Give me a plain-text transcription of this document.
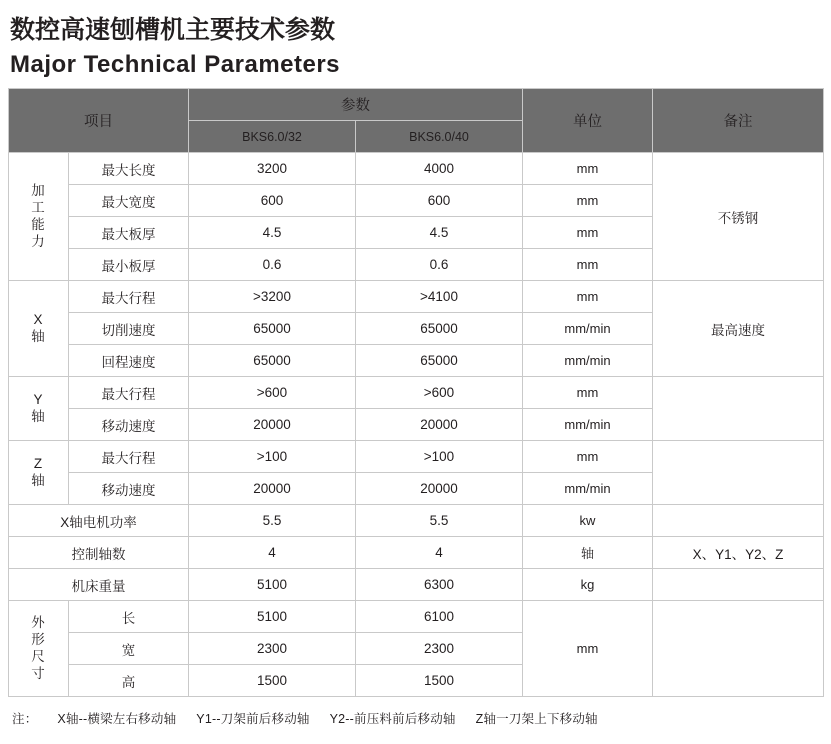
数控高速刨槽机主要技术参数
Major Technical Parameters
项目		参数		单位	备注
		BKS6.0/32	BKS6.0/40		

加
工
能
力	最大长度	3200	4000	mm	不锈钢
	最大宽度	600	600	mm	
	最大板厚	4.5	4.5	mm	
	最小板厚	0.6	0.6	mm	

X
轴	最大行程	>3200	>4100	mm	最高速度
	切削速度	65000	65000	mm/min	
	回程速度	65000	65000	mm/min	

Y
轴	最大行程	>600	>600	mm	
	移动速度	20000	20000	mm/min	

Z
轴	最大行程	>100	>100	mm	
	移动速度	20000	20000	mm/min	
X轴电机功率		5.5	5.5	kw	
控制轴数		4	4	轴	X、Y1、Y2、Z
机床重量		5100	6300	kg	

外
形
尺
寸	长	5100	6100	mm	
	宽	2300	2300		
	高	1500	1500		
注： X轴--横梁左右移动轴 Y1--刀架前后移动轴 Y2--前压料前后移动轴 Z轴一刀架上下移动轴
